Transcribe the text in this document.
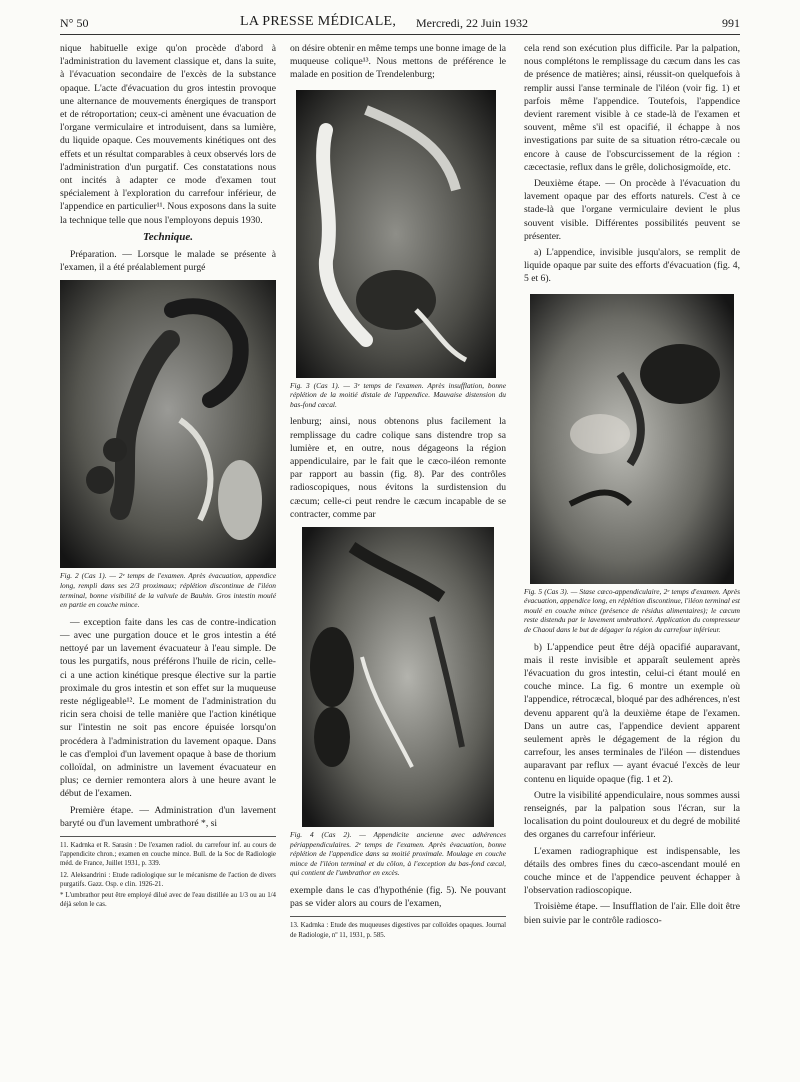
N° 50	LA PRESSE MÉDICALE, Mercredi, 22 Juin 1932	991

nique habituelle exige qu'on procède d'abord à l'administration du lavement classique et, dans la suite, à l'évacuation secondaire de l'excès de la substance opaque. L'acte d'évacuation du gros intestin provoque une alternance de mouvements énergiques de transport et de rétroportation; ceux-ci amènent une évacuation de l'organe vermiculaire et introduisent, dans sa lumière, du liquide opaque. Ces mouvements kinétiques ont des effets et un résultat comparables à ceux observés lors de l'administration d'un purgatif. Ces constatations nous ont incités à adapter ce mode d'examen tout spécialement à l'exploration du carrefour inférieur, de l'appendice en particulier¹¹. Nous exposons dans la suite la technique telle que nous l'employons depuis 1930.

Technique.

Préparation. — Lorsque le malade se présente à l'examen, il a été préalablement purgé

Fig. 2 (Cas 1). — 2ᵉ temps de l'examen. Après évacuation, appendice long, rempli dans ses 2/3 proximaux; réplétion discontinue de l'iléon terminal, bonne visibilité de la valvule de Bauhin. Gros intestin moulé en partie en couche mince.

— exception faite dans les cas de contre-indication — avec une purgation douce et le gros intestin a été nettoyé par un lavement évacuateur à l'eau simple. De tous les purgatifs, nous préférons l'huile de ricin, celle-ci a une action kinétique presque élective sur la partie proximale du gros intestin et son effet sur la muqueuse reste négligeable¹². Le moment de l'administration du ricin sera choisi de telle manière que l'action kinétique sur l'intestin ne soit pas encore épuisée lorsqu'on procédera à l'administration du lavement opaque. Dans le cas d'emploi d'un lavement opaque à base de thorium colloïdal, on administre un lavement évacuateur en plus; ce dernier remontera alors à une heure avant le début de l'examen.

Première étape. — Administration d'un lavement baryté ou d'un lavement umbrathoré *, si

11. Kadrnka et R. Sarasin : De l'examen radiol. du carrefour inf. au cours de l'appendicite chron.; examen en couche mince. Bull. de la Soc de Radiologie méd. de France, Juillet 1931, p. 339.

12. Aleksandrini : Etude radiologique sur le mécanisme de l'action de divers purgatifs. Gazz. Osp. e clin. 1926-21.

* L'umbrathor peut être employé dilué avec de l'eau distillée au 1/3 ou au 1/4 déjà selon le cas.

on désire obtenir en même temps une bonne image de la muqueuse colique¹³. Nous mettons de préférence le malade en position de Trendelenburg;

Fig. 3 (Cas 1). — 3ᵉ temps de l'examen. Après insufflation, bonne réplétion de la moitié distale de l'appendice. Mauvaise distension du bas-fond cæcal.

lenburg; ainsi, nous obtenons plus facilement la remplissage du cadre colique sans distendre trop sa lumière et, en outre, nous dégageons la région appendiculaire, par le fait que le cæco-iléon remonte par rapport au bassin (fig. 8). Par des contrôles radioscopiques, nous évitons la surdistension du cæcum; celle-ci peut rendre le cæcum incapable de se contracter, comme par

Fig. 4 (Cas 2). — Appendicite ancienne avec adhérences périappendiculaires. 2ᵉ temps de l'examen. Après évacuation, bonne réplétion de l'appendice dans sa moitié proximale. Moulage en couche mince de l'iléon terminal et du côlon, à l'exception du bas-fond cæcal, qui contient de l'umbrathor en excès.

exemple dans le cas d'hypothénie (fig. 5). Ne pouvant pas se vider alors au cours de l'examen,

13. Kadrnka : Etude des muqueuses digestives par colloïdes opaques. Journal de Radiologie, nº 11, 1931, p. 585.

cela rend son exécution plus difficile. Par la palpation, nous complétons le remplissage du cæcum dans les cas de présence de matières; ainsi, réussit-on quelquefois à remplir aussi l'anse terminale de l'iléon (voir fig. 1) et parfois même l'appendice. Toutefois, l'appendice devient rarement visible à ce stade-là de l'examen et souvent, même s'il est opacifié, il échappe à nos investigations par suite de sa situation rétro-cæcale ou encore à cause de l'obscurcissement de la région : cæcectasie, reflux dans le grêle, dolichosigmoïde, etc.

Deuxième étape. — On procède à l'évacuation du lavement opaque par des efforts naturels. C'est à ce stade-là que l'organe vermiculaire devient le plus souvent visible. Différentes possibilités peuvent se présenter.

a) L'appendice, invisible jusqu'alors, se remplit de liquide opaque par suite des efforts d'évacuation (fig. 4, 5 et 6).

Fig. 5 (Cas 3). — Stase cæco-appendiculaire, 2ᵉ temps d'examen. Après évacuation, appendice long, en réplétion discontinue, l'iléon terminal est moulé en couche mince (présence de résidus alimentaires); le cæcum reste distendu par le lavement umbrathoré. Application du compresseur de Chaoul dans le but de dégager la région du carrefour inférieur.

b) L'appendice peut être déjà opacifié auparavant, mais il reste invisible et apparaît seulement après l'évacuation du gros intestin, celui-ci étant moulé en couche mince. La fig. 6 montre un exemple où l'appendice, rétrocæcal, bloqué par des adhérences, n'est devenu apparent qu'à la deuxième étape de l'examen. Dans un autre cas, l'appendice devient apparent seulement après le dégagement de la région du carrefour, les anses terminales de l'iléon — distendues auparavant par reflux — ayant évacué l'excès de leur contenu en liquide opaque (fig. 1 et 2).

Outre la visibilité appendiculaire, nous sommes aussi renseignés, par la palpation sous l'écran, sur la localisation du point douloureux et du degré de mobilité des organes du carrefour inférieur.

L'examen radiographique est indispensable, les détails des ombres fines du cæco-ascendant moulé en couche mince et de l'appendice peuvent échapper à l'observation radioscopique.

Troisième étape. — Insufflation de l'air. Elle doit être bien suivie par le contrôle radiosco-
